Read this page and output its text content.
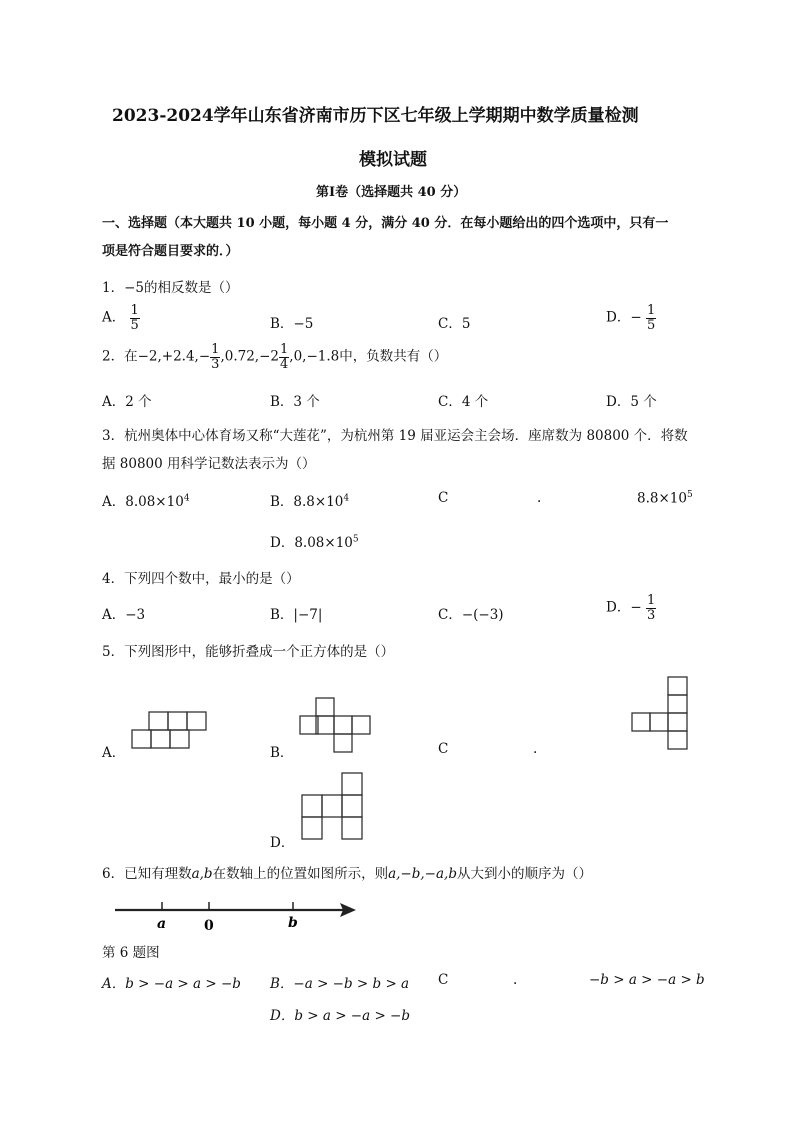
2023-2024学年山东省济南市历下区七年级上学期期中数学质量检测
模拟试题
第Ⅰ卷（选择题共 40 分）
一、选择题（本大题共 10 小题，每小题 4 分，满分 40 分．在每小题给出的四个选项中，只有一
项是符合题目要求的．）
1．−5的相反数是（）
A． $\frac{1}{5}$	B．−5	C．5	D．− $\frac{1}{5}$
2．在$-2,+2.4,- \frac{1}{3} ,0.72,-2 \frac{1}{4} ,0,-1.8$中，负数共有（）
A．2 个	B．3 个	C．4 个	D．5 个
3．杭州奥体中心体育场又称“大莲花”，为杭州第 19 届亚运会主会场．座席数为 80800 个．将数
据 80800 用科学记数法表示为（）
A．$8.08\times 10^4$	B．$8.8\times 10^4$	C	.	$8.8\times 10^5$
D．$8.08\times 10^5$
4．下列四个数中，最小的是（）
A．−3	B．|−7|	C．−(−3)	D．− $\frac{1}{3}$
5．下列图形中，能够折叠成一个正方体的是（）
A．	B．	C	.
D．
6．已知有理数a,b在数轴上的位置如图所示，则a,−b,−a,b从大到小的顺序为（）
a	0	b
第 6 题图
A．b > −a > a > −b B．−a > −b > b > a C	.	−b > a > −a > b
D．b > a > −a > −b
